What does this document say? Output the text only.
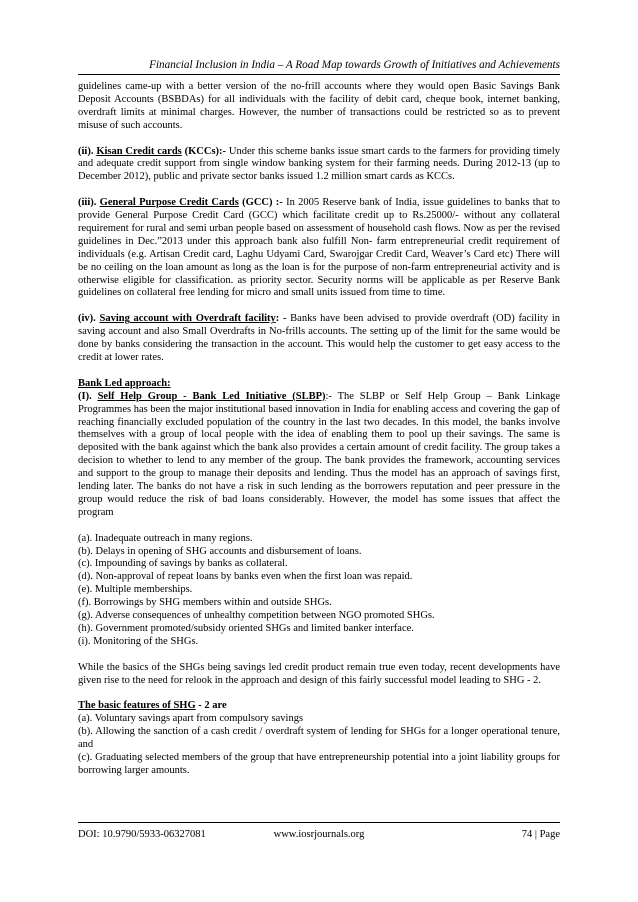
Financial Inclusion in India – A Road Map towards Growth of Initiatives and Achievements

guidelines came-up with a better version of the no-frill accounts where they would open Basic Savings Bank Deposit Accounts (BSBDAs) for all individuals with the facility of debit card, cheque book, internet banking, overdraft limits at minimal charges. However, the number of transactions could be restricted so as to prevent misuse of such accounts.

(ii). Kisan Credit cards (KCCs):- Under this scheme banks issue smart cards to the farmers for providing timely and adequate credit support from single window banking system for their farming needs. During 2012-13 (up to December 2012), public and private sector banks issued 1.2 million smart cards as KCCs.

(iii). General Purpose Credit Cards (GCC) :- In 2005 Reserve bank of India, issue guidelines to banks that to provide General Purpose Credit Card (GCC) which facilitate credit up to Rs.25000/- without any collateral requirement for rural and semi urban people based on assessment of household cash flows. Now as per the revised guidelines in Dec.”2013 under this approach bank also fulfill Non- farm entrepreneurial credit requirement of individuals (e.g. Artisan Credit card, Laghu Udyami Card, Swarojgar Credit Card, Weaver’s Card etc) There will be no ceiling on the loan amount as long as the loan is for the purpose of non-farm entrepreneurial activity and is otherwise eligible for classification. as priority sector. Security norms will be applicable as per Reserve Bank guidelines on collateral free lending for micro and small units issued from time to time.

(iv). Saving account with Overdraft facility: - Banks have been advised to provide overdraft (OD) facility in saving account and also Small Overdrafts in No-frills accounts. The setting up of the limit for the same would be done by banks considering the transaction in the account. This would help the customer to get easy access to the credit at lower rates.

Bank Led approach:

(I). Self Help Group - Bank Led Initiative (SLBP):- The SLBP or Self Help Group – Bank Linkage Programmes has been the major institutional based innovation in India for enabling access and covering the gap of reaching financially excluded population of the country in the last two decades. In this model, the banks involve themselves with a group of local people with the idea of enabling them to pool up their savings. The same is deposited with the bank against which the bank also provides a certain amount of credit facility. The group takes a decision to whether to lend to any member of the group. The bank provides the framework, accounting services and support to the group to manage their deposits and lending. Thus the model has an approach of savings first, lending later. The banks do not have a risk in such lending as the borrowers reputation and peer pressure in the group would reduce the risk of bad loans considerably. However, the model has some issues that affect the program

(a). Inadequate outreach in many regions.

(b). Delays in opening of SHG accounts and disbursement of loans.

(c). Impounding of savings by banks as collateral.

(d). Non-approval of repeat loans by banks even when the first loan was repaid.

(e). Multiple memberships.

(f). Borrowings by SHG members within and outside SHGs.

(g). Adverse consequences of unhealthy competition between NGO promoted SHGs.

(h). Government promoted/subsidy oriented SHGs and limited banker interface.

(i). Monitoring of the SHGs.

While the basics of the SHGs being savings led credit product remain true even today, recent developments have given rise to the need for relook in the approach and design of this fairly successful model leading to SHG - 2.

The basic features of SHG - 2 are

(a). Voluntary savings apart from compulsory savings

(b). Allowing the sanction of a cash credit / overdraft system of lending for SHGs for a longer operational tenure, and

(c). Graduating selected members of the group that have entrepreneurship potential into a joint liability groups for borrowing larger amounts.

DOI: 10.9790/5933-06327081	www.iosrjournals.org	74 | Page
